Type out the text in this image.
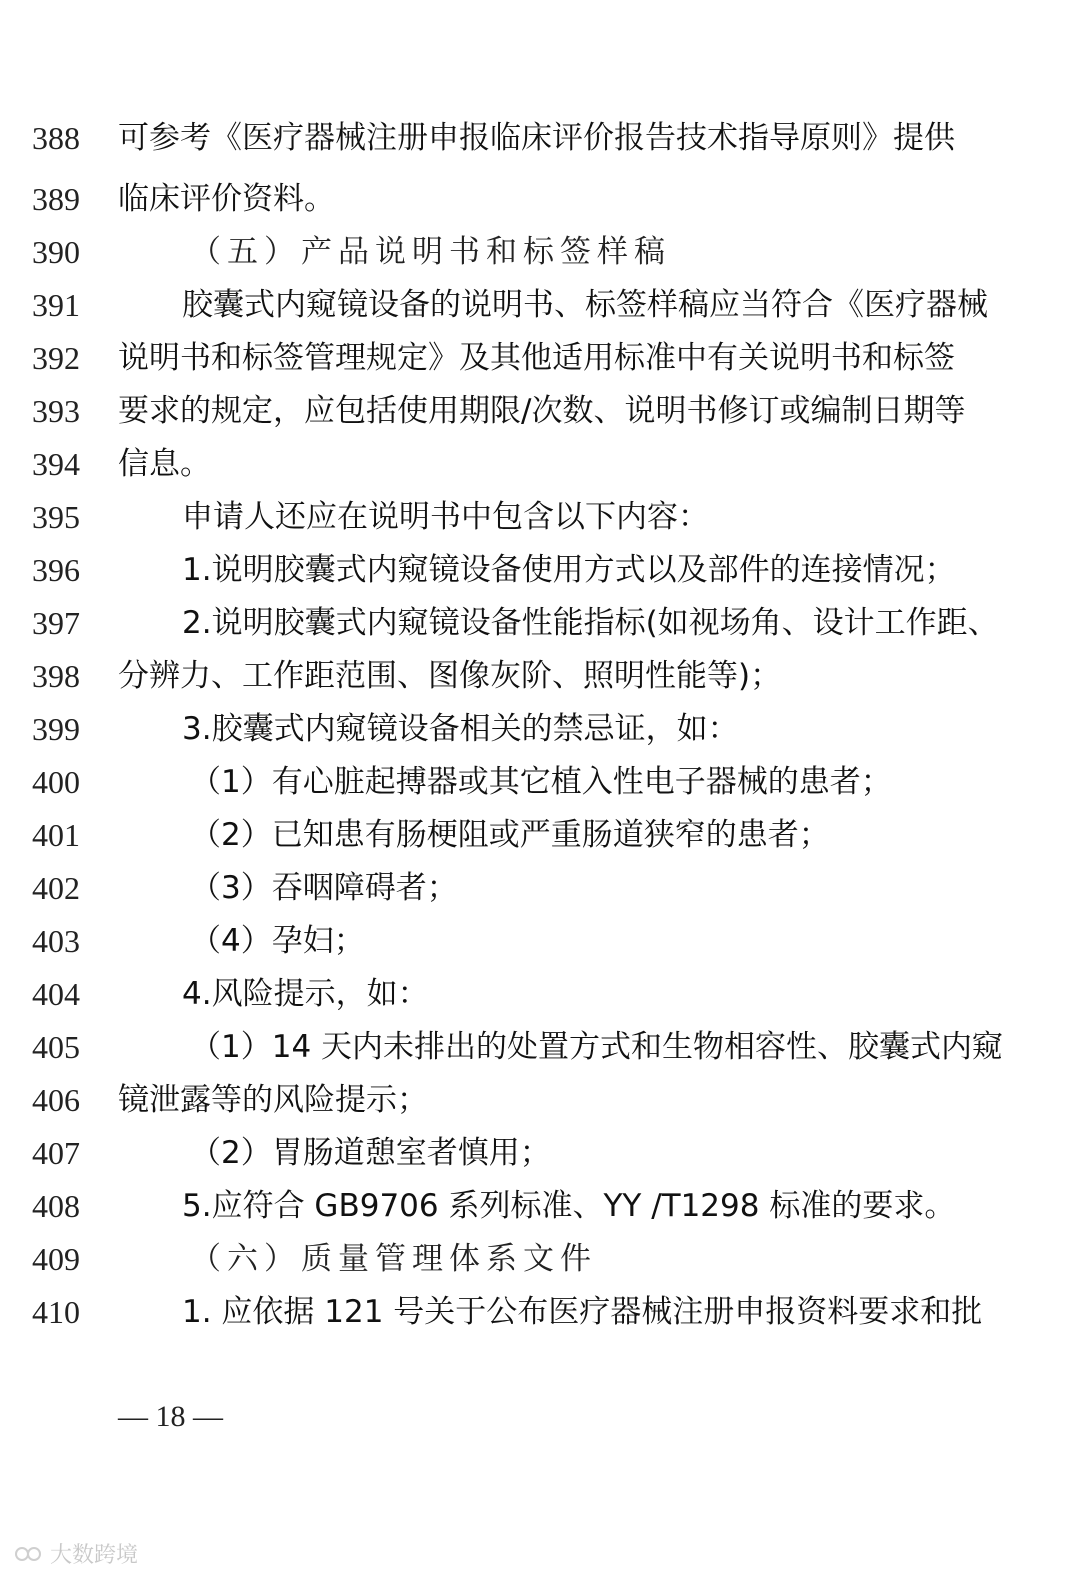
388 可参考《医疗器械注册申报临床评价报告技术指导原则》提供
389 临床评价资料。
390	（五）产品说明书和标签样稿
391	胶囊式内窥镜设备的说明书、标签样稿应当符合《医疗器械
392 说明书和标签管理规定》及其他适用标准中有关说明书和标签
393 要求的规定，应包括使用期限/次数、说明书修订或编制日期等
394 信息。
395	申请人还应在说明书中包含以下内容：
396	1.说明胶囊式内窥镜设备使用方式以及部件的连接情况；
397	2.说明胶囊式内窥镜设备性能指标(如视场角、设计工作距、
398 分辨力、工作距范围、图像灰阶、照明性能等)；
399	3.胶囊式内窥镜设备相关的禁忌证，如：
400	（1）有心脏起搏器或其它植入性电子器械的患者；
401	（2）已知患有肠梗阻或严重肠道狭窄的患者；
402	（3）吞咽障碍者；
403	（4）孕妇；
404	4.风险提示，如：
405	（1）14 天内未排出的处置方式和生物相容性、胶囊式内窥
406 镜泄露等的风险提示；
407	（2）胃肠道憩室者慎用；
408	5.应符合 GB9706 系列标准、YY /T1298 标准的要求。
409	（六）质量管理体系文件
410	1. 应依据 121 号关于公布医疗器械注册申报资料要求和批
— 18 —
大数跨境
